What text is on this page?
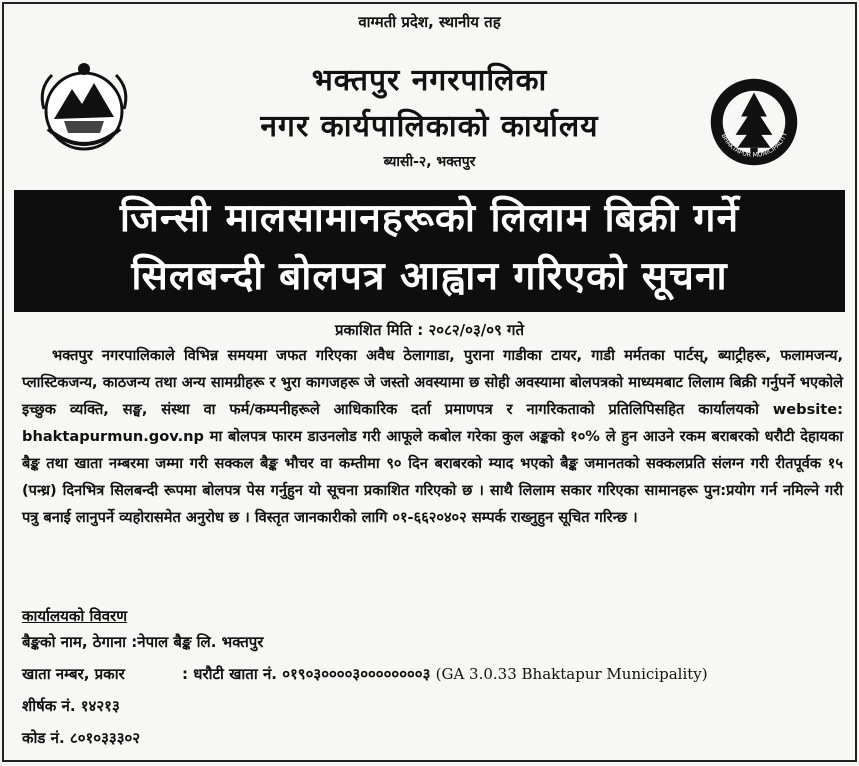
वाग्मती प्रदेश, स्थानीय तह
भक्तपुर नगरपालिका
नगर कार्यपालिकाको कार्यालय
ब्यासी-२, भक्तपुर
BHAKTAPUR MUNICIPALITY
जिन्सी मालसामानहरूको लिलाम बिक्री गर्ने
सिलबन्दी बोलपत्र आह्वान गरिएको सूचना
प्रकाशित मिति : २०८२/०३/०९ गते
भक्तपुर नगरपालिकाले विभिन्न समयमा जफत गरिएका अवैध ठेलागाडा, पुराना गाडीका टायर, गाडी मर्मतका पार्टस्, ब्याट्रीहरू, फलामजन्य, प्लास्टिकजन्य, काठजन्य तथा अन्य सामग्रीहरू र भुरा कागजहरू जे जस्तो अवस्यामा छ सोही अवस्यामा बोलपत्रको माध्यमबाट लिलाम बिक्री गर्नुपर्ने भएकोले इच्छुक व्यक्ति, सङ्घ, संस्था वा फर्म/कम्पनीहरूले आधिकारिक दर्ता प्रमाणपत्र र नागरिकताको प्रतिलिपिसहित कार्यालयको website: bhaktapurmun.gov.np मा बोलपत्र फारम डाउनलोड गरी आफूले कबोल गरेका कुल अङ्कको १०% ले हुन आउने रकम बराबरको धरौटी देहायका बैङ्क तथा खाता नम्बरमा जम्मा गरी सक्कल बैङ्क भौचर वा कम्तीमा ९० दिन बराबरको म्याद भएको बैङ्क जमानतको सक्कलप्रति संलग्न गरी रीतपूर्वक १५ (पन्ध्र) दिनभित्र सिलबन्दी रूपमा बोलपत्र पेस गर्नुहुन यो सूचना प्रकाशित गरिएको छ । साथै लिलाम सकार गरिएका सामानहरू पुन:प्रयोग गर्न नमिल्ने गरी पत्रु बनाई लानुपर्ने व्यहोरासमेत अनुरोध छ । विस्तृत जानकारीको लागि ०१-६६२०४०२ सम्पर्क राख्नुहुन सूचित गरिन्छ ।
कार्यालयको विवरण
बैङ्कको नाम, ठेगाना :नेपाल बैङ्क लि. भक्तपुर
खाता नम्बर, प्रकार	: धरौटी खाता नं. ०१९०३००००३००००००००३ (GA 3.0.33 Bhaktapur Municipality)
शीर्षक नं. १४२१३
कोड नं. ८०१०३३३०२
